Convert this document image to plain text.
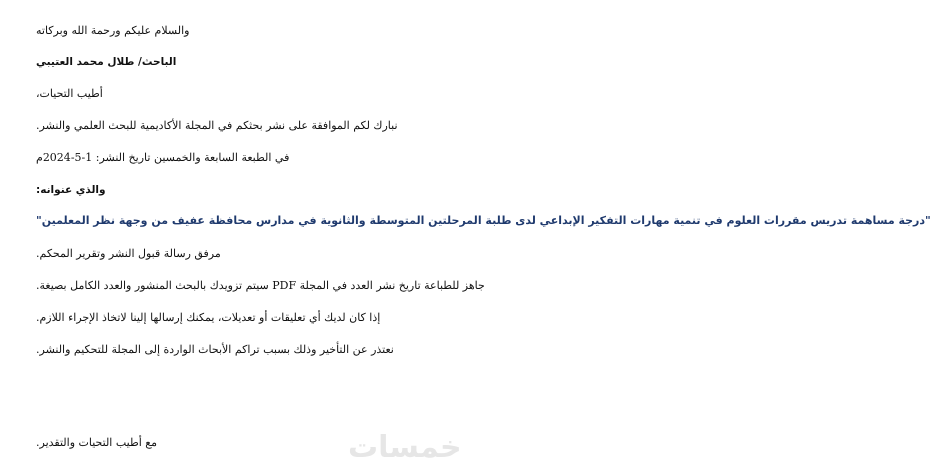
والسلام عليكم ورحمة الله وبركاته
الباحث/ طلال محمد العتيبي
أطيب التحيات،
نبارك لكم الموافقة على نشر بحثكم في المجلة الأكاديمية للبحث العلمي والنشر.
في الطبعة السابعة والخمسين تاريخ النشر: 1-5-2024م
والذي عنوانه:
"درجة مساهمة تدريس مقررات العلوم في تنمية مهارات التفكير الإبداعي لدى طلبة المرحلتين المتوسطة والثانوية في مدارس محافظة عفيف من وجهة نظر المعلمين"
مرفق رسالة قبول النشر وتقرير المحكم.
جاهز للطباعة تاريخ نشر العدد في المجلة PDF سيتم تزويدك بالبحث المنشور والعدد الكامل بصيغة.
إذا كان لديك أي تعليقات أو تعديلات، يمكنك إرسالها إلينا لاتخاذ الإجراء اللازم.
نعتذر عن التأخير وذلك بسبب تراكم الأبحاث الواردة إلى المجلة للتحكيم والنشر.
مع أطيب التحيات والتقدير.	خمسات
